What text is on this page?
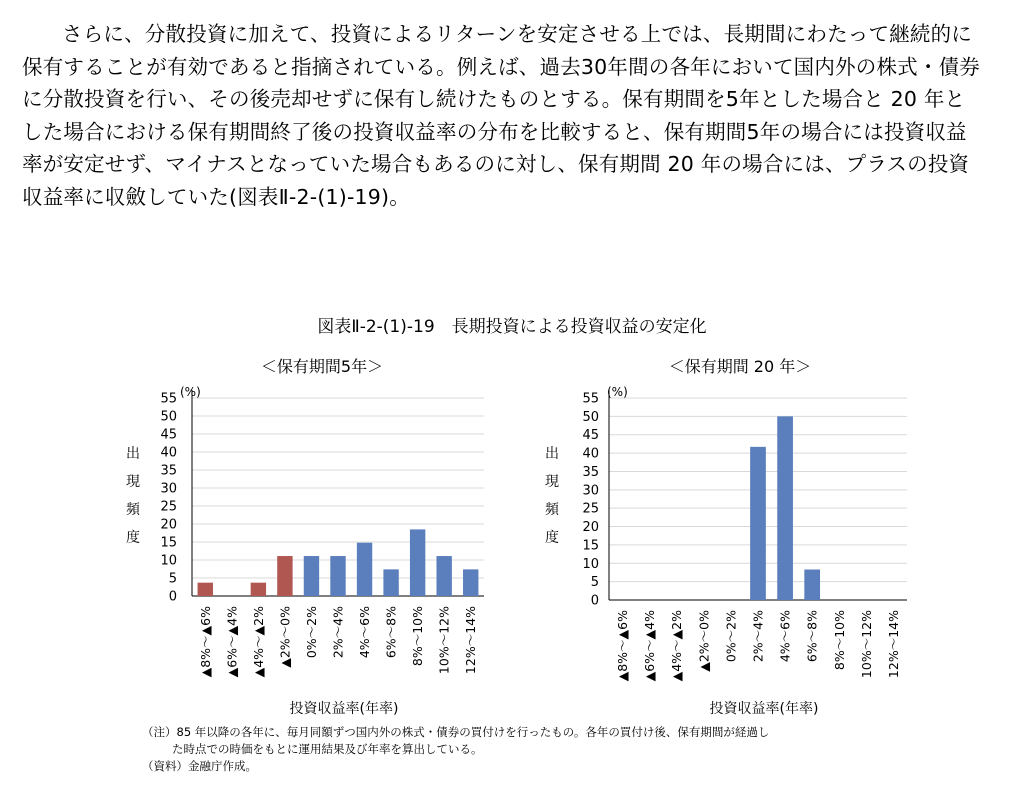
さらに、分散投資に加えて、投資によるリターンを安定させる上では、長期間にわたって継続的に保有することが有効であると指摘されている。例えば、過去30年間の各年において国内外の株式・債券に分散投資を行い、その後売却せずに保有し続けたものとする。保有期間を5年とした場合と 20 年とした場合における保有期間終了後の投資収益率の分布を比較すると、保有期間5年の場合には投資収益率が安定せず、マイナスとなっていた場合もあるのに対し、保有期間 20 年の場合には、プラスの投資収益率に収斂していた(図表Ⅱ-2-(1)-19)。

図表Ⅱ-2-(1)-19　長期投資による投資収益の安定化
＜保有期間5年＞
0
5
10
15
20
25
30
35
40
45
50
55 (%)
出
現
頻
度
▲8%～▲6% ▲6%～▲4% ▲4%～▲2% ▲2%～0% 0%～2% 2%～4% 4%～6% 6%～8% 8%～10% 10%～12% 12%～14%
投資収益率(年率)
＜保有期間 20 年＞
0
5
10
15
20
25
30
35
40
45
50
55 (%)
出
現
頻
度
▲8%～▲6% ▲6%～▲4% ▲4%～▲2% ▲2%～0% 0%～2% 2%～4% 4%～6% 6%～8% 8%～10% 10%～12% 12%～14%
投資収益率(年率)
（注）85 年以降の各年に、毎月同額ずつ国内外の株式・債券の買付けを行ったもの。各年の買付け後、保有期間が経過し
た時点での時価をもとに運用結果及び年率を算出している。
（資料）金融庁作成。
